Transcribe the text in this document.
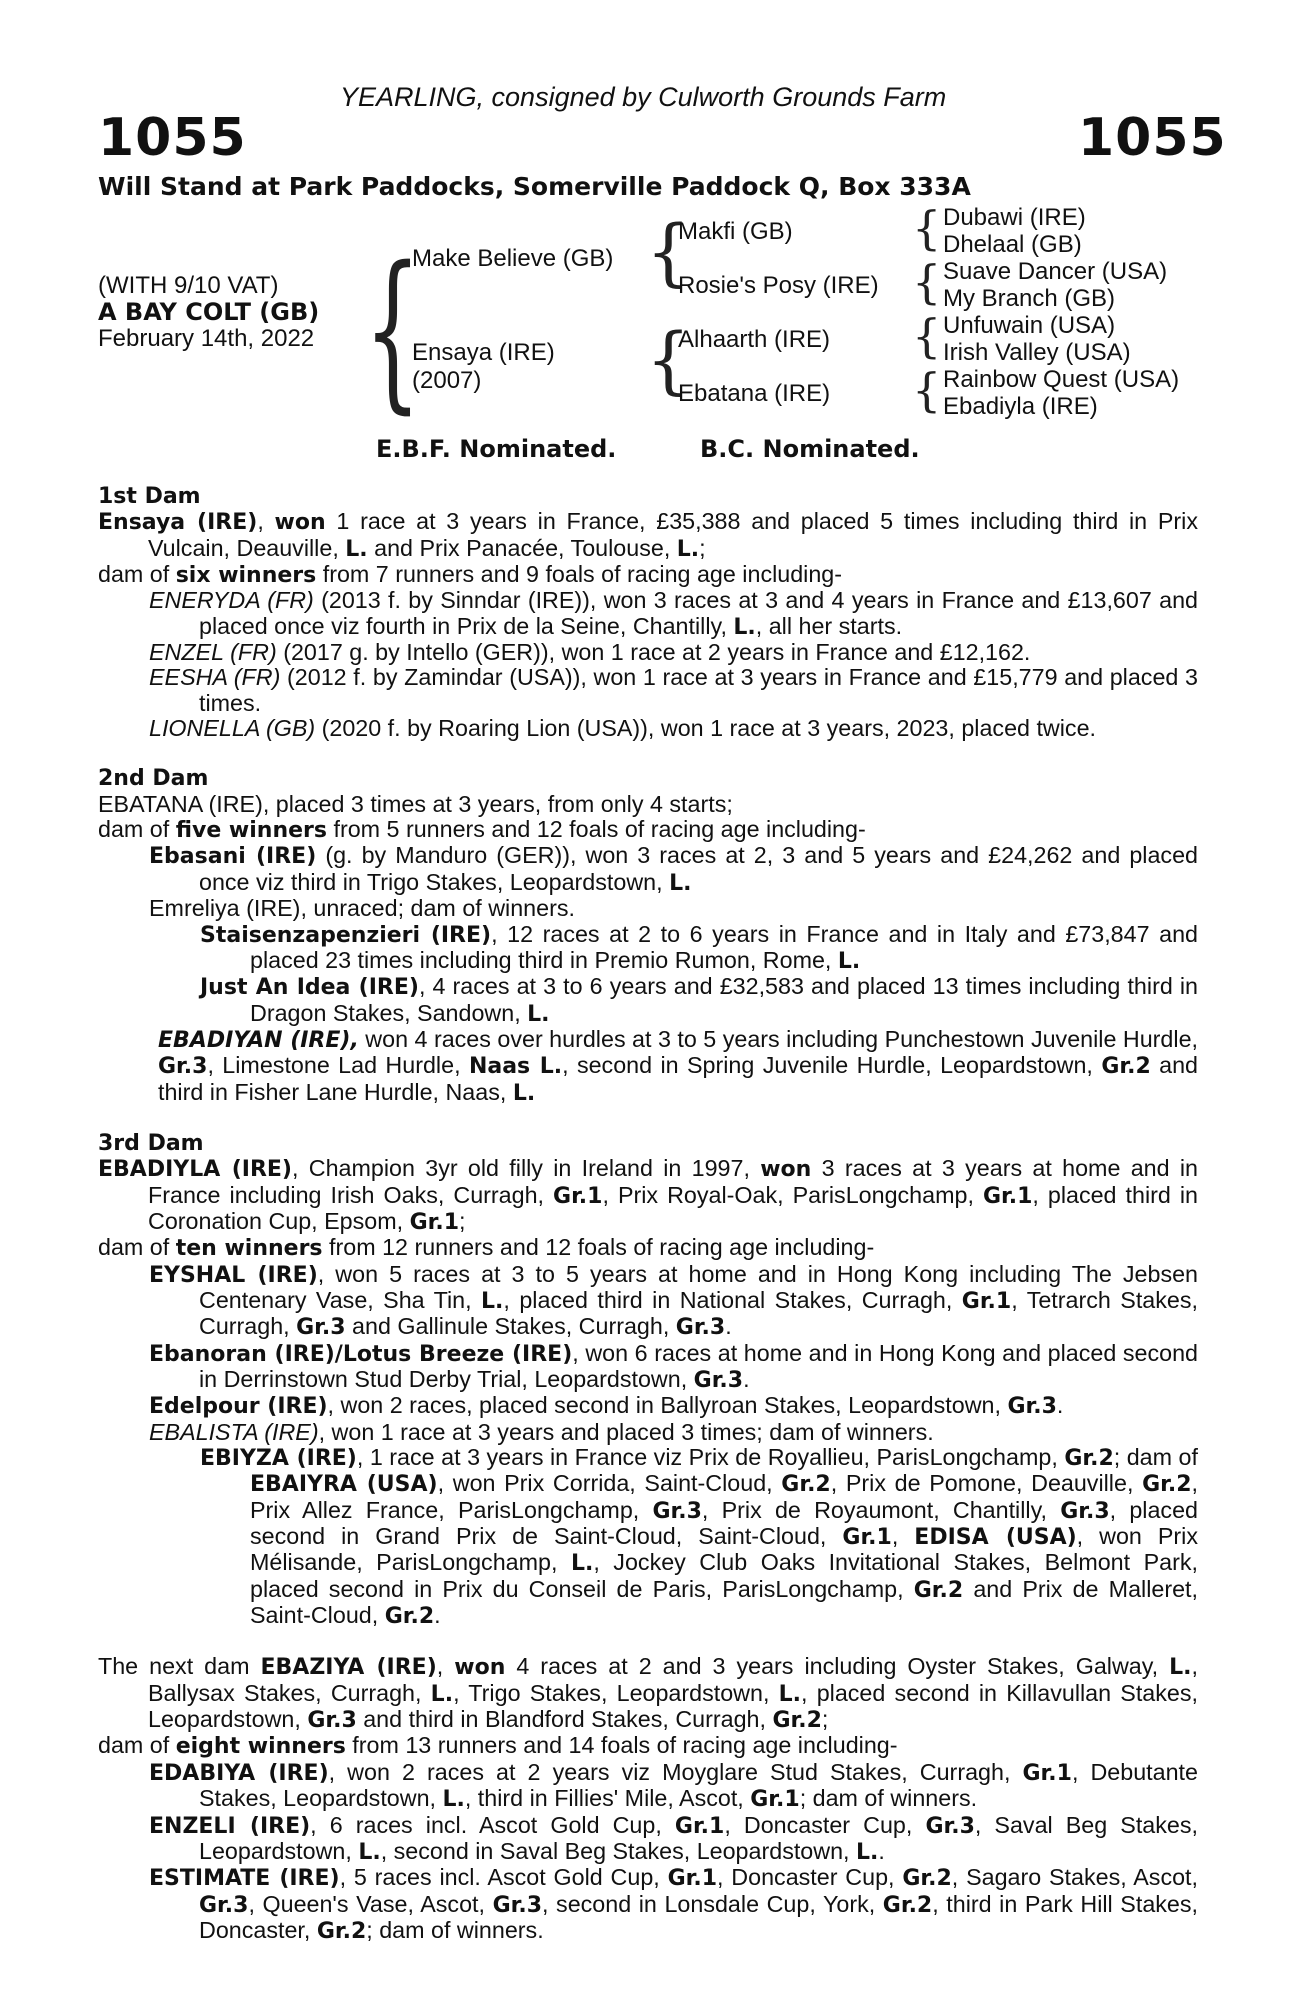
YEARLING, consigned by Culworth Grounds Farm
1055	1055
Will Stand at Park Paddocks, Somerville Paddock Q, Box 333A
(WITH 9/10 VAT)
A BAY COLT (GB)
February 14th, 2022 {
Make Believe (GB)
Ensaya (IRE)
(2007)
{
{
Makfi (GB)
Rosie's Posy (IRE)
Alhaarth (IRE)
Ebatana (IRE)
{
{
{
{
Dubawi (IRE)
Dhelaal (GB)
Suave Dancer (USA)
My Branch (GB)
Unfuwain (USA)
Irish Valley (USA)
Rainbow Quest (USA)
Ebadiyla (IRE)
E.B.F. Nominated.	B.C. Nominated.

1st Dam

Ensaya (IRE), won 1 race at 3 years in France, £35,388 and placed 5 times including third in Prix Vulcain, Deauville, L. and Prix Panacée, Toulouse, L.;

dam of six winners from 7 runners and 9 foals of racing age including-

ENERYDA (FR) (2013 f. by Sinndar (IRE)), won 3 races at 3 and 4 years in France and £13,607 and placed once viz fourth in Prix de la Seine, Chantilly, L., all her starts.

ENZEL (FR) (2017 g. by Intello (GER)), won 1 race at 2 years in France and £12,162.

EESHA (FR) (2012 f. by Zamindar (USA)), won 1 race at 3 years in France and £15,779 and placed 3 times.

LIONELLA (GB) (2020 f. by Roaring Lion (USA)), won 1 race at 3 years, 2023, placed twice.

2nd Dam

EBATANA (IRE), placed 3 times at 3 years, from only 4 starts;

dam of five winners from 5 runners and 12 foals of racing age including-

Ebasani (IRE) (g. by Manduro (GER)), won 3 races at 2, 3 and 5 years and £24,262 and placed once viz third in Trigo Stakes, Leopardstown, L.

Emreliya (IRE), unraced; dam of winners.

Staisenzapenzieri (IRE), 12 races at 2 to 6 years in France and in Italy and £73,847 and placed 23 times including third in Premio Rumon, Rome, L.

Just An Idea (IRE), 4 races at 3 to 6 years and £32,583 and placed 13 times including third in Dragon Stakes, Sandown, L.

EBADIYAN (IRE), won 4 races over hurdles at 3 to 5 years including Punchestown Juvenile Hurdle, Gr.3, Limestone Lad Hurdle, Naas L., second in Spring Juvenile Hurdle, Leopardstown, Gr.2 and third in Fisher Lane Hurdle, Naas, L.

3rd Dam

EBADIYLA (IRE), Champion 3yr old filly in Ireland in 1997, won 3 races at 3 years at home and in France including Irish Oaks, Curragh, Gr.1, Prix Royal-Oak, ParisLongchamp, Gr.1, placed third in Coronation Cup, Epsom, Gr.1;

dam of ten winners from 12 runners and 12 foals of racing age including-

EYSHAL (IRE), won 5 races at 3 to 5 years at home and in Hong Kong including The Jebsen Centenary Vase, Sha Tin, L., placed third in National Stakes, Curragh, Gr.1, Tetrarch Stakes, Curragh, Gr.3 and Gallinule Stakes, Curragh, Gr.3.

Ebanoran (IRE)/Lotus Breeze (IRE), won 6 races at home and in Hong Kong and placed second in Derrinstown Stud Derby Trial, Leopardstown, Gr.3.

Edelpour (IRE), won 2 races, placed second in Ballyroan Stakes, Leopardstown, Gr.3.

EBALISTA (IRE), won 1 race at 3 years and placed 3 times; dam of winners.

EBIYZA (IRE), 1 race at 3 years in France viz Prix de Royallieu, ParisLongchamp, Gr.2; dam of EBAIYRA (USA), won Prix Corrida, Saint-Cloud, Gr.2, Prix de Pomone, Deauville, Gr.2, Prix Allez France, ParisLongchamp, Gr.3, Prix de Royaumont, Chantilly, Gr.3, placed second in Grand Prix de Saint-Cloud, Saint-Cloud, Gr.1, EDISA (USA), won Prix Mélisande, ParisLongchamp, L., Jockey Club Oaks Invitational Stakes, Belmont Park, placed second in Prix du Conseil de Paris, ParisLongchamp, Gr.2 and Prix de Malleret, Saint-Cloud, Gr.2.

The next dam EBAZIYA (IRE), won 4 races at 2 and 3 years including Oyster Stakes, Galway, L., Ballysax Stakes, Curragh, L., Trigo Stakes, Leopardstown, L., placed second in Killavullan Stakes, Leopardstown, Gr.3 and third in Blandford Stakes, Curragh, Gr.2;

dam of eight winners from 13 runners and 14 foals of racing age including-

EDABIYA (IRE), won 2 races at 2 years viz Moyglare Stud Stakes, Curragh, Gr.1, Debutante Stakes, Leopardstown, L., third in Fillies' Mile, Ascot, Gr.1; dam of winners.

ENZELI (IRE), 6 races incl. Ascot Gold Cup, Gr.1, Doncaster Cup, Gr.3, Saval Beg Stakes, Leopardstown, L., second in Saval Beg Stakes, Leopardstown, L..

ESTIMATE (IRE), 5 races incl. Ascot Gold Cup, Gr.1, Doncaster Cup, Gr.2, Sagaro Stakes, Ascot, Gr.3, Queen's Vase, Ascot, Gr.3, second in Lonsdale Cup, York, Gr.2, third in Park Hill Stakes, Doncaster, Gr.2; dam of winners.
